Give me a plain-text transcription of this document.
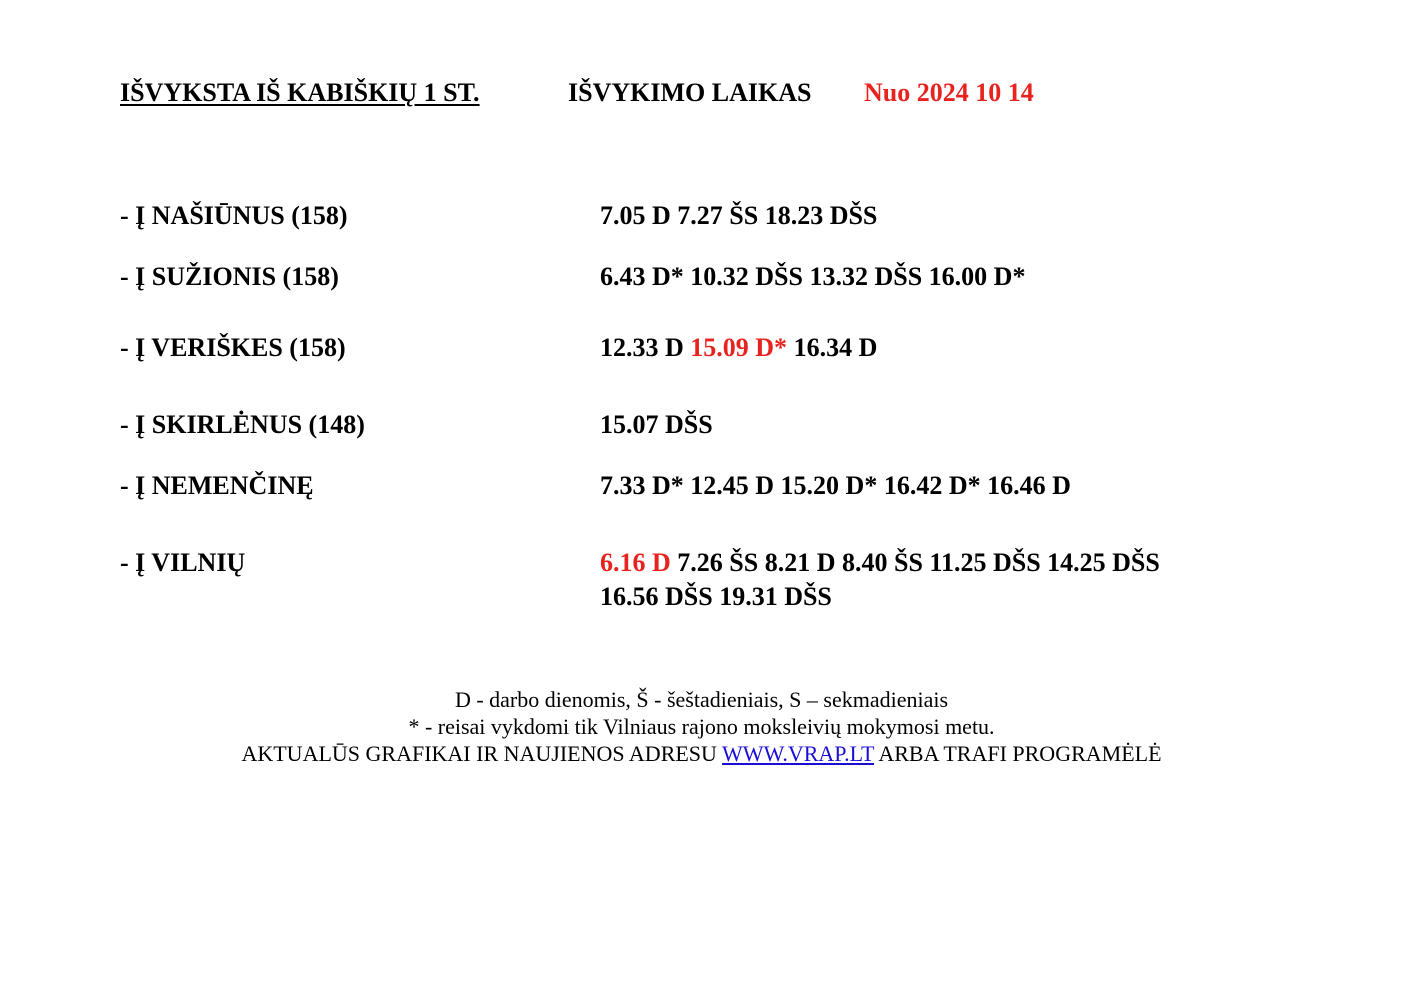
IŠVYKSTA IŠ KABIŠKIŲ 1 ST.	IŠVYKIMO LAIKAS Nuo 2024 10 14
- Į NAŠIŪNUS (158)	7.05 D 7.27 ŠS 18.23 DŠS
- Į SUŽIONIS (158)	6.43 D* 10.32 DŠS 13.32 DŠS 16.00 D*
- Į VERIŠKES (158)	12.33 D 15.09 D* 16.34 D
- Į SKIRLĖNUS (148)	15.07 DŠS
- Į NEMENČINĘ	7.33 D* 12.45 D 15.20 D* 16.42 D* 16.46 D
- Į VILNIŲ	6.16 D 7.26 ŠS 8.21 D 8.40 ŠS 11.25 DŠS 14.25 DŠS
16.56 DŠS 19.31 DŠS
D - darbo dienomis, Š - šeštadieniais, S – sekmadieniais
* - reisai vykdomi tik Vilniaus rajono moksleivių mokymosi metu.
AKTUALŪS GRAFIKAI IR NAUJIENOS ADRESU WWW.VRAP.LT ARBA TRAFI PROGRAMĖLĖ
